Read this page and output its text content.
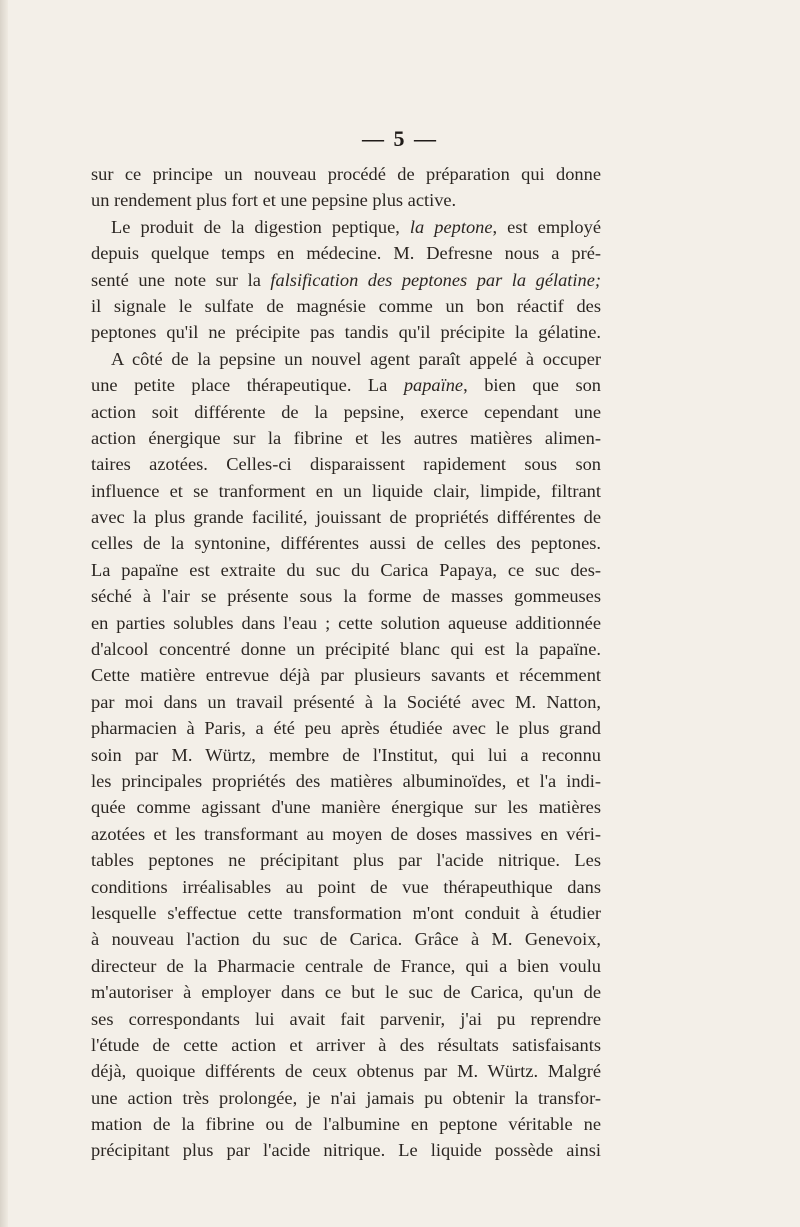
— 5 —
sur ce principe un nouveau procédé de préparation qui donne
un rendement plus fort et une pepsine plus active.
Le produit de la digestion peptique, la peptone, est employé
depuis quelque temps en médecine. M. Defresne nous a pré-
senté une note sur la falsification des peptones par la gélatine;
il signale le sulfate de magnésie comme un bon réactif des
peptones qu'il ne précipite pas tandis qu'il précipite la gélatine.
A côté de la pepsine un nouvel agent paraît appelé à occuper
une petite place thérapeutique. La papaïne, bien que son
action soit différente de la pepsine, exerce cependant une
action énergique sur la fibrine et les autres matières alimen-
taires azotées. Celles-ci disparaissent rapidement sous son
influence et se tranforment en un liquide clair, limpide, filtrant
avec la plus grande facilité, jouissant de propriétés différentes de
celles de la syntonine, différentes aussi de celles des peptones.
La papaïne est extraite du suc du Carica Papaya, ce suc des-
séché à l'air se présente sous la forme de masses gommeuses
en parties solubles dans l'eau ; cette solution aqueuse additionnée
d'alcool concentré donne un précipité blanc qui est la papaïne.
Cette matière entrevue déjà par plusieurs savants et récemment
par moi dans un travail présenté à la Société avec M. Natton,
pharmacien à Paris, a été peu après étudiée avec le plus grand
soin par M. Würtz, membre de l'Institut, qui lui a reconnu
les principales propriétés des matières albuminoïdes, et l'a indi-
quée comme agissant d'une manière énergique sur les matières
azotées et les transformant au moyen de doses massives en véri-
tables peptones ne précipitant plus par l'acide nitrique. Les
conditions irréalisables au point de vue thérapeuthique dans
lesquelle s'effectue cette transformation m'ont conduit à étudier
à nouveau l'action du suc de Carica. Grâce à M. Genevoix,
directeur de la Pharmacie centrale de France, qui a bien voulu
m'autoriser à employer dans ce but le suc de Carica, qu'un de
ses correspondants lui avait fait parvenir, j'ai pu reprendre
l'étude de cette action et arriver à des résultats satisfaisants
déjà, quoique différents de ceux obtenus par M. Würtz. Malgré
une action très prolongée, je n'ai jamais pu obtenir la transfor-
mation de la fibrine ou de l'albumine en peptone véritable ne
précipitant plus par l'acide nitrique. Le liquide possède ainsi
